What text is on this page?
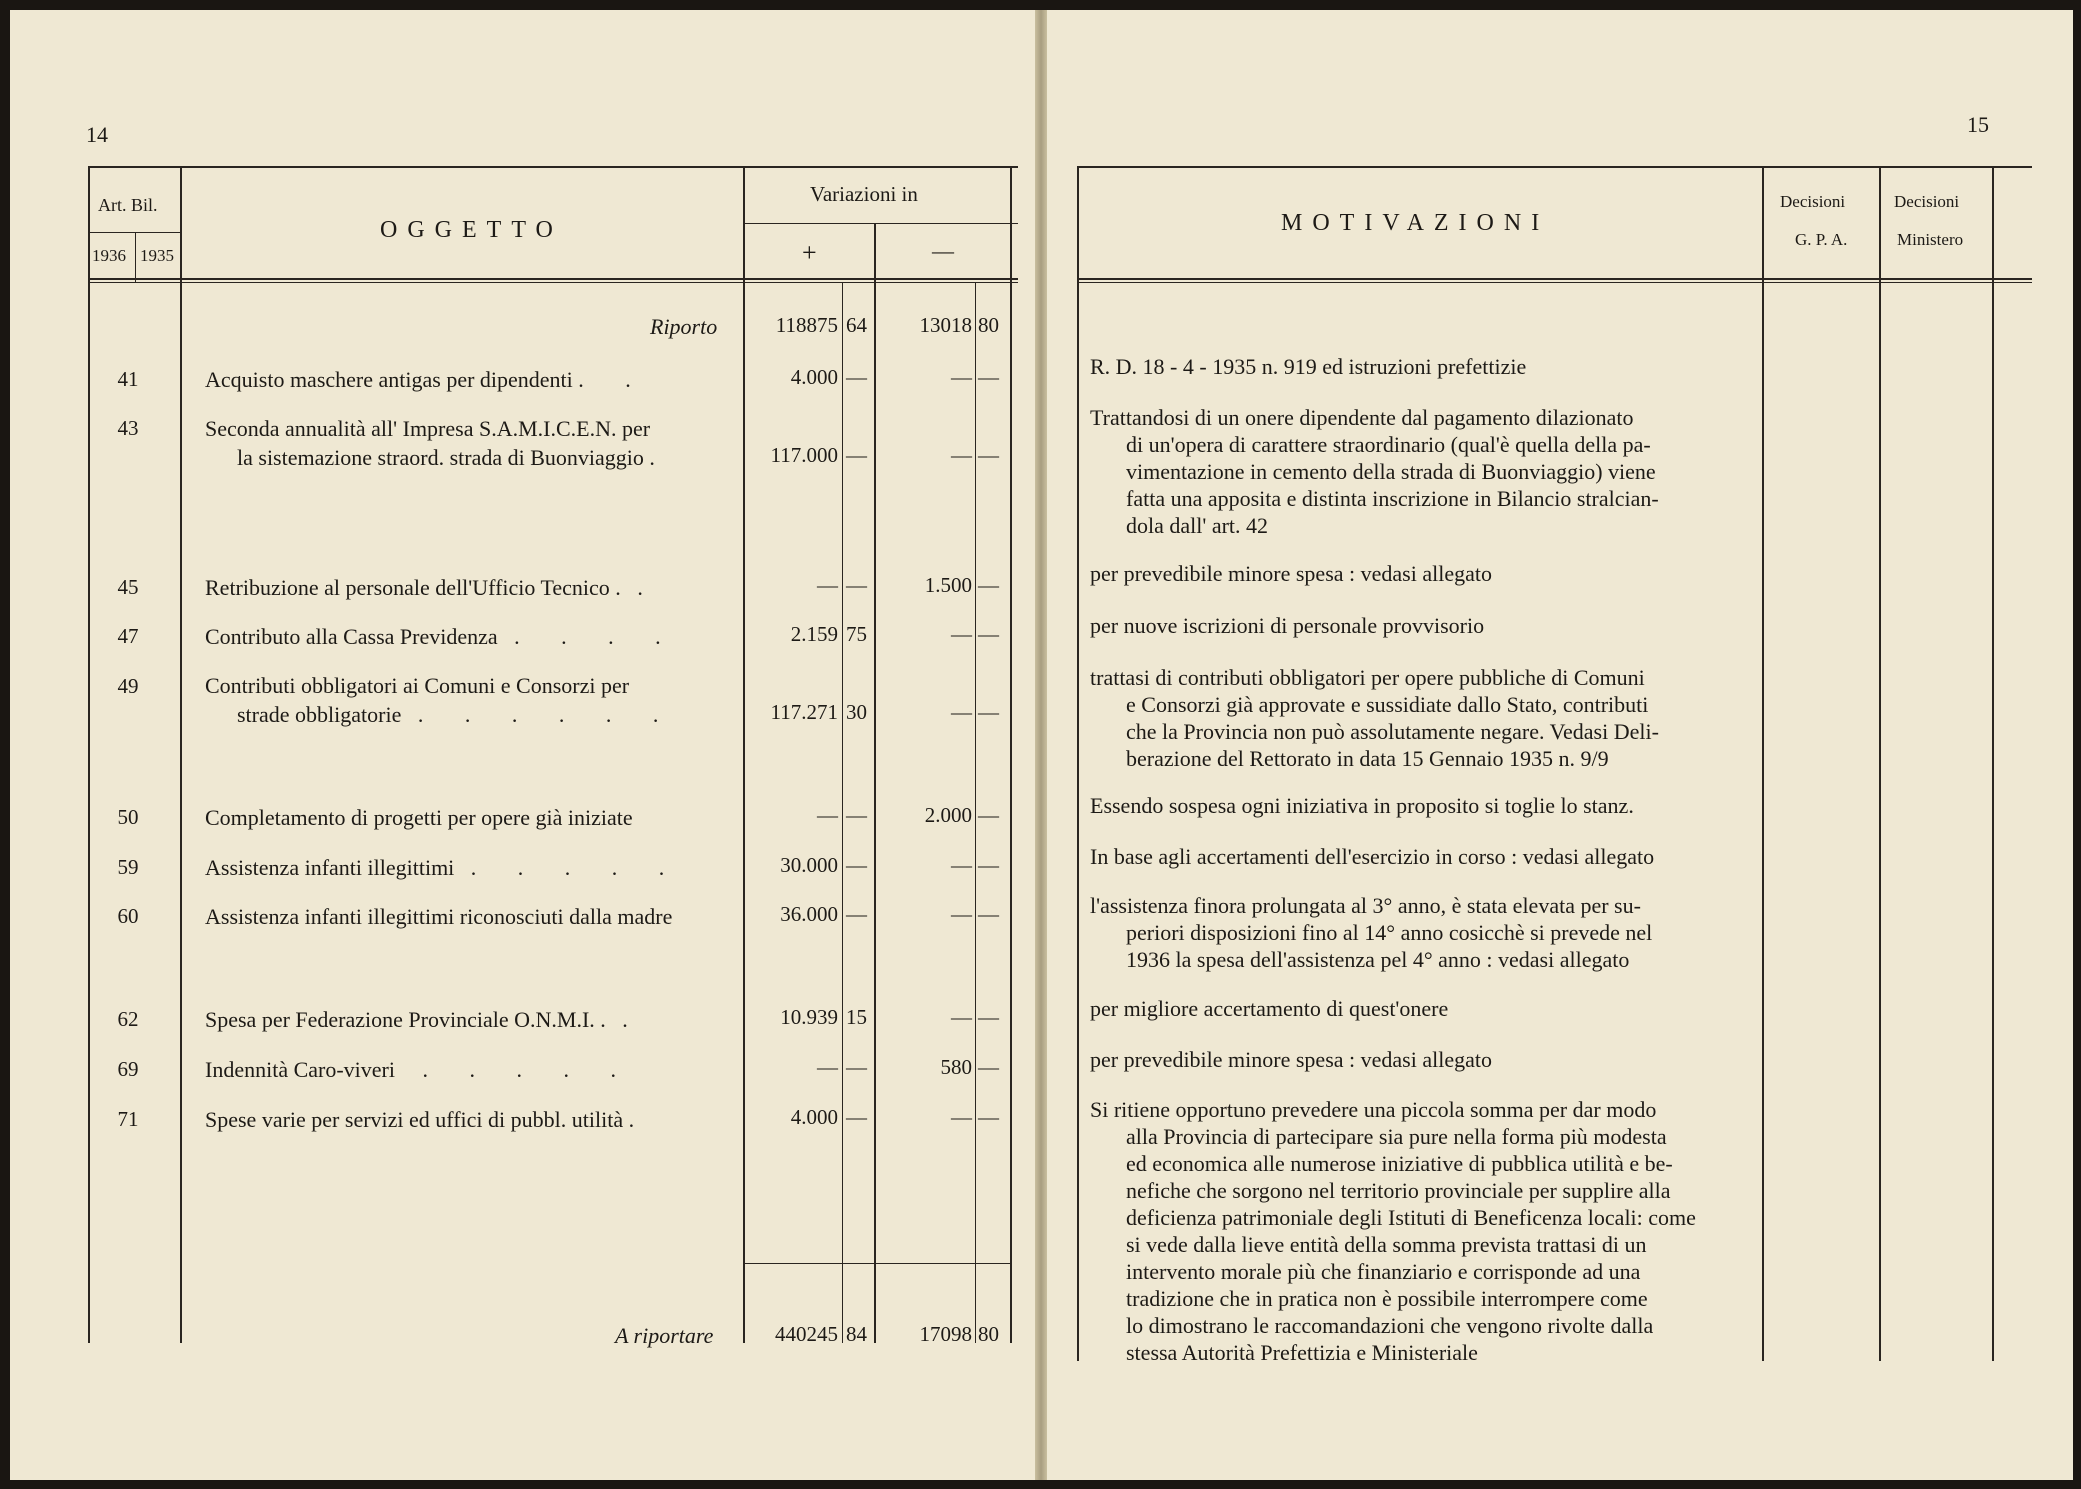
14
Art. Bil.
1936 1935
OGGETTO
Variazioni in
+	—
Riporto	118875 64	13018 80
41	Acquisto maschere antigas per dipendenti . .	4.000 —	— —
43	Seconda annualità all' Impresa S.A.M.I.C.E.N. per
la sistemazione straord. strada di Buonviaggio .	117.000 —	— —
45	Retribuzione al personale dell'Ufficio Tecnico . .	— —	1.500 —
47	Contributo alla Cassa Previdenza . . . .	2.159 75	— —
49	Contributi obbligatori ai Comuni e Consorzi per
strade obbligatorie . . . . . .	117.271 30	— —
50	Completamento di progetti per opere già iniziate	— —	2.000 —
59	Assistenza infanti illegittimi . . . . .	30.000 —	— —
60	Assistenza infanti illegittimi riconosciuti dalla madre	36.000 —	— —
62	Spesa per Federazione Provinciale O.N.M.I. . .	10.939 15	— —
69	Indennità Caro-viveri . . . . .	— —	580 —
71	Spese varie per servizi ed uffici di pubbl. utilità .	4.000 —	— —
A riportare	440245 84	17098 80
15
MOTIVAZIONI
Decisioni
G. P. A.
Decisioni
Ministero
R. D. 18 - 4 - 1935 n. 919 ed istruzioni prefettizie
Trattandosi di un onere dipendente dal pagamento dilazionato
di un'opera di carattere straordinario (qual'è quella della pa-
vimentazione in cemento della strada di Buonviaggio) viene
fatta una apposita e distinta inscrizione in Bilancio stralcian-
dola dall' art. 42
per prevedibile minore spesa : vedasi allegato
per nuove iscrizioni di personale provvisorio
trattasi di contributi obbligatori per opere pubbliche di Comuni
e Consorzi già approvate e sussidiate dallo Stato, contributi
che la Provincia non può assolutamente negare. Vedasi Deli-
berazione del Rettorato in data 15 Gennaio 1935 n. 9/9
Essendo sospesa ogni iniziativa in proposito si toglie lo stanz.
In base agli accertamenti dell'esercizio in corso : vedasi allegato
l'assistenza finora prolungata al 3° anno, è stata elevata per su-
periori disposizioni fino al 14° anno cosicchè si prevede nel
1936 la spesa dell'assistenza pel 4° anno : vedasi allegato
per migliore accertamento di quest'onere
per prevedibile minore spesa : vedasi allegato
Si ritiene opportuno prevedere una piccola somma per dar modo
alla Provincia di partecipare sia pure nella forma più modesta
ed economica alle numerose iniziative di pubblica utilità e be-
nefiche che sorgono nel territorio provinciale per supplire alla
deficienza patrimoniale degli Istituti di Beneficenza locali: come
si vede dalla lieve entità della somma prevista trattasi di un
intervento morale più che finanziario e corrisponde ad una
tradizione che in pratica non è possibile interrompere come
lo dimostrano le raccomandazioni che vengono rivolte dalla
stessa Autorità Prefettizia e Ministeriale
